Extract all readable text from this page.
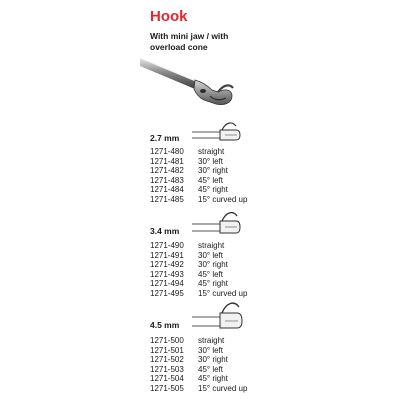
Hook
With mini jaw / with
overload cone
2.7 mm
1271-480	straight
1271-481	30° left
1271-482	30° right
1271-483	45° left
1271-484	45° right
1271-485	15° curved up
3.4 mm
1271-490	straight
1271-491	30° left
1271-492	30° right
1271-493	45° left
1271-494	45° right
1271-495	15° curved up
4.5 mm
1271-500	straight
1271-501	30° left
1271-502	30° right
1271-503	45° left
1271-504	45° right
1271-505	15° curved up
